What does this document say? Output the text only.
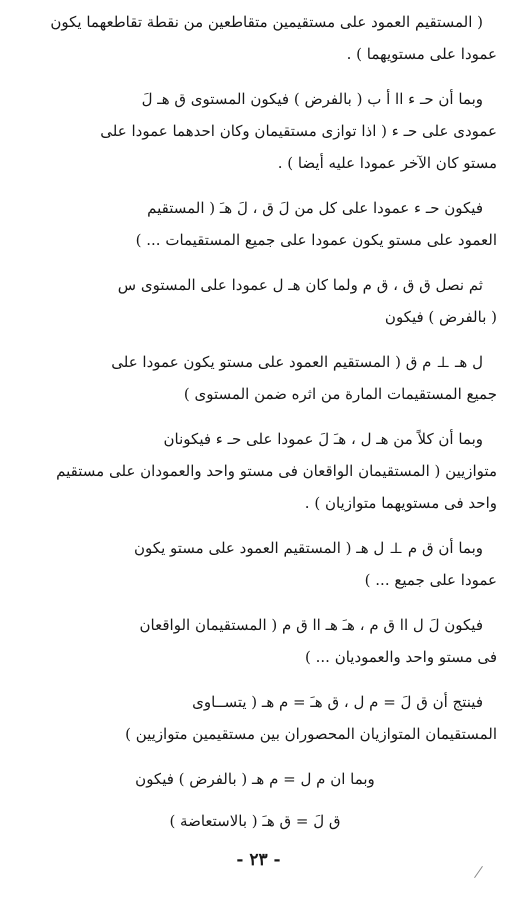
( المستقيم العمود على مستقيمين متقاطعين من نقطة تقاطعهما يكون

عمودا على مستويهما ) .

وبما أن حـ ء اا أ ب ( بالفرض ) فيكون المستوى ق هـ لَ

عمودى على حـ ء ( اذا توازى مستقيمان وكان احدهما عمودا على

مستو كان الآخر عمودا عليه أيضا ) .

فيكون حـ ء عمودا على كل من لَ ق ، لَ هـَ ( المستقيم

العمود على مستو يكون عمودا على جميع المستقيمات ... )

ثم نصل ق ق ، ق م ولما كان هـ ل عمودا على المستوى س

( بالفرض ) فيكون

ل هـ ⊥ م ق ( المستقيم العمود على مستو يكون عمودا على

جميع المستقيمات المارة من اثره ضمن المستوى )

وبما أن كلاً من هـ ل ، هـَ لَ عمودا على حـ ء فيكونان

متوازيين ( المستقيمان الواقعان فى مستو واحد والعمودان على مستقيم

واحد فى مستويهما متوازيان ) .

وبما أن ق م ⊥ ل هـ ( المستقيم العمود على مستو يكون

عمودا على جميع ... )

فيكون لَ ل اا ق م ، هـَ هـ اا ق م ( المستقيمان الواقعان

فى مستو واحد والعموديان ... )

فينتج أن ق لَ = م ل ، ق هـَ = م هـ ( يتســاوى

المستقيمان المتوازيان المحصوران بين مستقيمين متوازيين )

وبما ان م ل = م هـ ( بالفرض ) فيكون

ق لَ = ق هـَ ( بالاستعاضة )

- ٢٣ -
